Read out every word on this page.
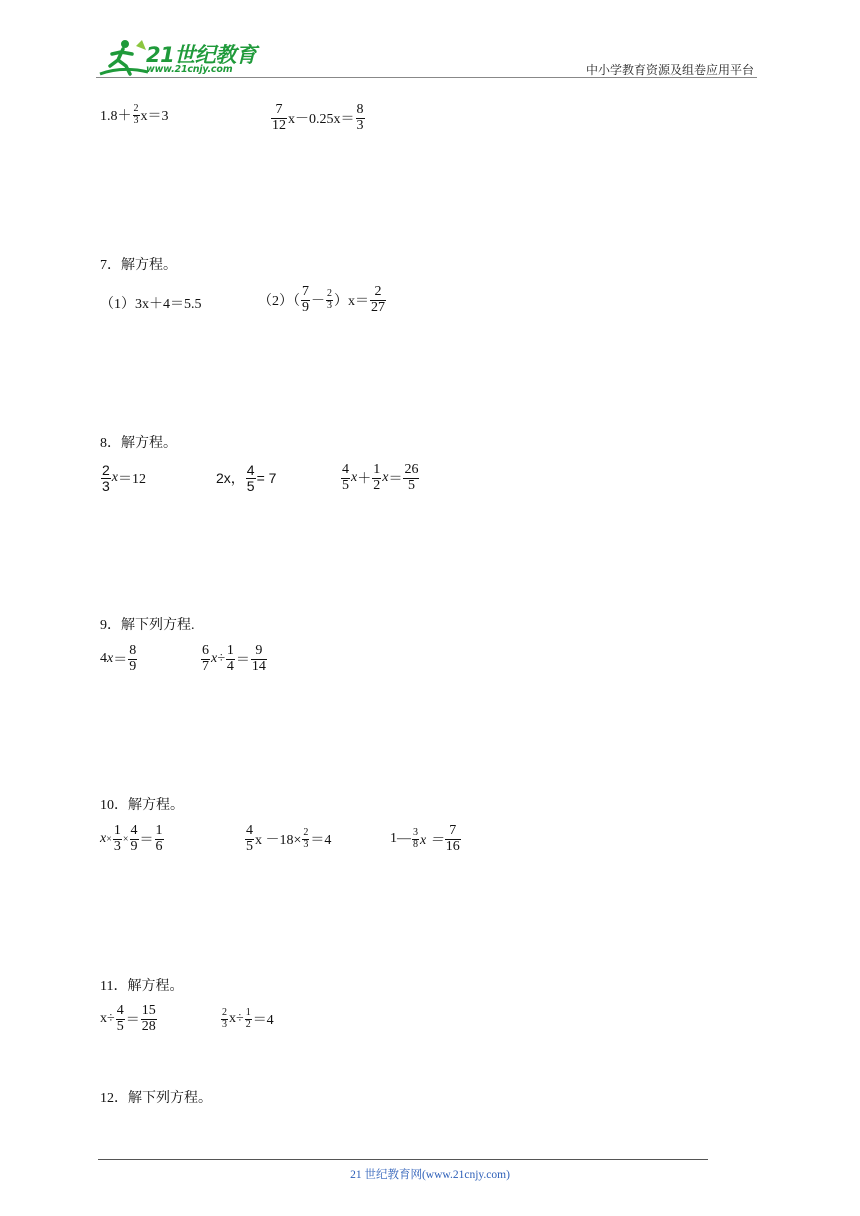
21世纪教育
www.21cnjy.com	中小学教育资源及组卷应用平台
$1.8+ \frac{2}{3} x=3$	$\frac{7}{12} x-0.25x= \frac{8}{3}$
7．解方程。
（1）3x＋4＝5.5	$(2)( \frac{7}{9} - \frac{2}{3} )x= \frac{2}{27}$
8．解方程。
$\frac{2}{3}$ x ＝12	2x， $\frac{4}{5} = 7$	$\frac{4}{5}$ $x + \frac{1}{2}$ $x = \frac{26}{5}$
9．解下列方程.
4 $x = \frac{8}{9}$	$\frac{6}{7} x\div \frac{1}{4} = \frac{9}{14}$
10．解方程。
$x \times \frac{1}{3} \times \frac{4}{9} = \frac{1}{6}$	$\frac{4}{5}$ $x -18\times \frac{2}{3} =4$	1— $\frac{3}{8}$ $x = \frac{7}{16}$
11．解方程。
$x\div \frac{4}{5} = \frac{15}{28}$	$\frac{2}{3} x\div \frac{1}{2} =4$
12．解下列方程。
21 世纪教育网(www.21cnjy.com)
